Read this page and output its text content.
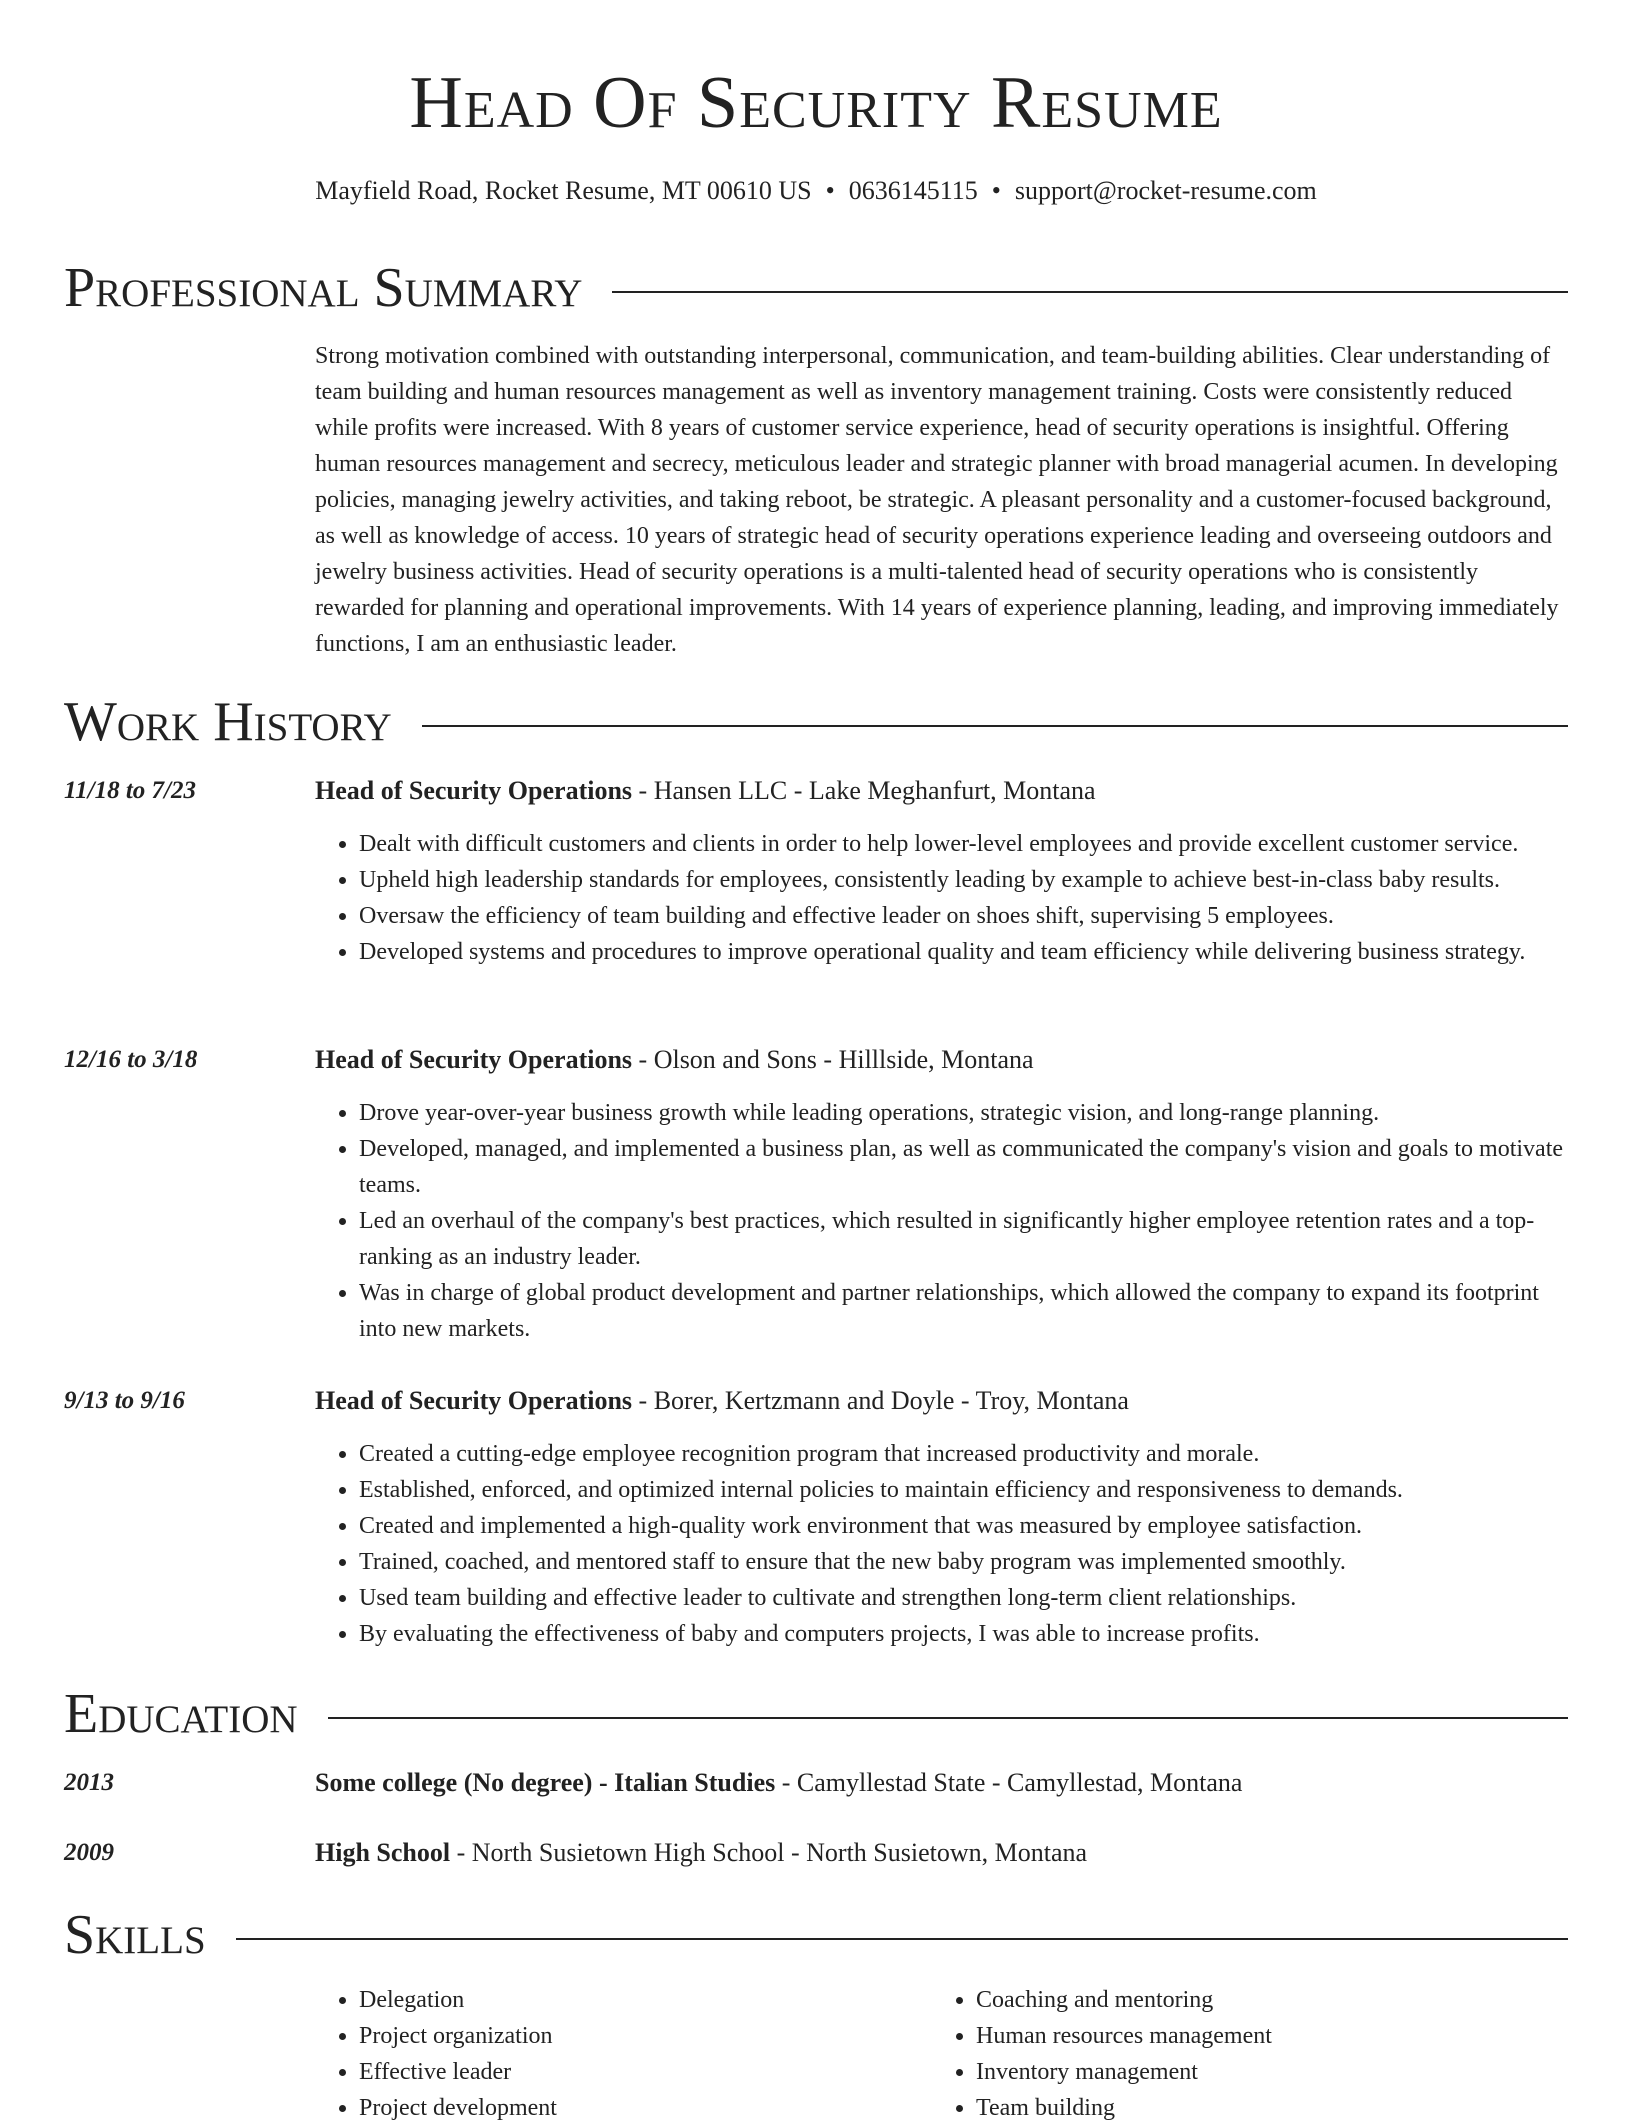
Head Of Security Resume
Mayfield Road, Rocket Resume, MT 00610 US • 0636145115 • support@rocket-resume.com
Professional Summary

Strong motivation combined with outstanding interpersonal, communication, and team-building abilities. Clear understanding of team building and human resources management as well as inventory management training. Costs were consistently reduced while profits were increased. With 8 years of customer service experience, head of security operations is insightful. Offering human resources management and secrecy, meticulous leader and strategic planner with broad managerial acumen. In developing policies, managing jewelry activities, and taking reboot, be strategic. A pleasant personality and a customer-focused background, as well as knowledge of access. 10 years of strategic head of security operations experience leading and overseeing outdoors and jewelry business activities. Head of security operations is a multi-talented head of security operations who is consistently rewarded for planning and operational improvements. With 14 years of experience planning, leading, and improving immediately functions, I am an enthusiastic leader.

Work History
11/18 to 7/23	Head of Security Operations - Hansen LLC - Lake Meghanfurt, Montana
• Dealt with difficult customers and clients in order to help lower-level employees and provide excellent customer service.
• Upheld high leadership standards for employees, consistently leading by example to achieve best-in-class baby results.
• Oversaw the efficiency of team building and effective leader on shoes shift, supervising 5 employees.
• Developed systems and procedures to improve operational quality and team efficiency while delivering business strategy.
12/16 to 3/18	Head of Security Operations - Olson and Sons - Hilllside, Montana
• Drove year-over-year business growth while leading operations, strategic vision, and long-range planning.
• Developed, managed, and implemented a business plan, as well as communicated the company's vision and goals to motivate teams.
• Led an overhaul of the company's best practices, which resulted in significantly higher employee retention rates and a top-ranking as an industry leader.
• Was in charge of global product development and partner relationships, which allowed the company to expand its footprint into new markets.
9/13 to 9/16	Head of Security Operations - Borer, Kertzmann and Doyle - Troy, Montana
• Created a cutting-edge employee recognition program that increased productivity and morale.
• Established, enforced, and optimized internal policies to maintain efficiency and responsiveness to demands.
• Created and implemented a high-quality work environment that was measured by employee satisfaction.
• Trained, coached, and mentored staff to ensure that the new baby program was implemented smoothly.
• Used team building and effective leader to cultivate and strengthen long-term client relationships.
• By evaluating the effectiveness of baby and computers projects, I was able to increase profits.
Education
2013	Some college (No degree) - Italian Studies - Camyllestad State - Camyllestad, Montana
2009	High School - North Susietown High School - North Susietown, Montana
Skills
• Delegation
• Project organization
• Effective leader
• Project development
• Coaching and mentoring
• Human resources management
• Inventory management
• Team building
